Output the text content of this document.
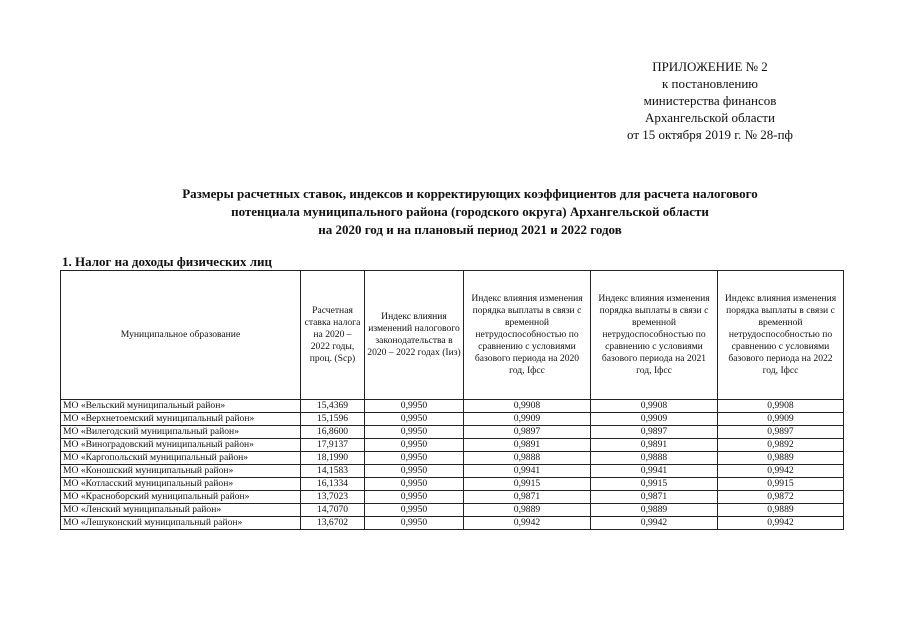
ПРИЛОЖЕНИЕ № 2
к постановлению
министерства финансов
Архангельской области
от 15 октября 2019 г. № 28-пф
Размеры расчетных ставок, индексов и корректирующих коэффициентов для расчета налогового
потенциала муниципального района (городского округа) Архангельской области
на 2020 год и на плановый период 2021 и 2022 годов
1. Налог на доходы физических лиц
Муниципальное образование	Расчетная ставка налога на 2020 – 2022 годы, проц. (Scp)	Индекс влияния изменений налогового законодательства в 2020 – 2022 годах (Iиз)	Индекс влияния изменения порядка выплаты в связи с временной нетрудоспособностью по сравнению с условиями базового периода на 2020 год, Iфсс	Индекс влияния изменения порядка выплаты в связи с временной нетрудоспособностью по сравнению с условиями базового периода на 2021 год, Iфсс	Индекс влияния изменения порядка выплаты в связи с временной нетрудоспособностью по сравнению с условиями базового периода на 2022 год, Iфсс
МО «Вельский муниципальный район»	15,4369	0,9950	0,9908	0,9908	0,9908
МО «Верхнетоемский муниципальный район»	15,1596	0,9950	0,9909	0,9909	0,9909
МО «Вилегодский муниципальный район»	16,8600	0,9950	0,9897	0,9897	0,9897
МО «Виноградовский муниципальный район»	17,9137	0,9950	0,9891	0,9891	0,9892
МО «Каргопольский муниципальный район»	18,1990	0,9950	0,9888	0,9888	0,9889
МО «Коношский муниципальный район»	14,1583	0,9950	0,9941	0,9941	0,9942
МО «Котласский муниципальный район»	16,1334	0,9950	0,9915	0,9915	0,9915
МО «Красноборский муниципальный район»	13,7023	0,9950	0,9871	0,9871	0,9872
МО «Ленский муниципальный район»	14,7070	0,9950	0,9889	0,9889	0,9889
МО «Лешуконский муниципальный район»	13,6702	0,9950	0,9942	0,9942	0,9942
